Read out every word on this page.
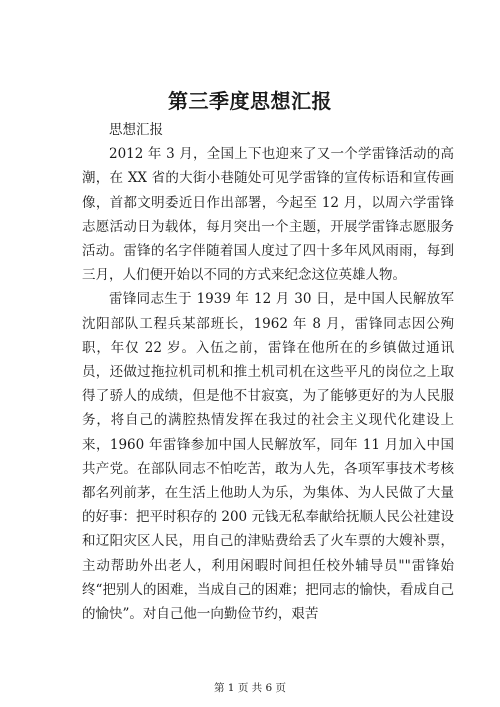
第三季度思想汇报

思想汇报

2012 年 3 月，全国上下也迎来了又一个学雷锋活动的高潮，在 XX 省的大街小巷随处可见学雷锋的宣传标语和宣传画像，首都文明委近日作出部署，今起至 12 月，以周六学雷锋志愿活动日为载体，每月突出一个主题，开展学雷锋志愿服务活动。雷锋的名字伴随着国人度过了四十多年风风雨雨，每到三月，人们便开始以不同的方式来纪念这位英雄人物。

雷锋同志生于 1939 年 12 月 30 日，是中国人民解放军沈阳部队工程兵某部班长，1962 年 8 月，雷锋同志因公殉职，年仅 22 岁。入伍之前，雷锋在他所在的乡镇做过通讯员，还做过拖拉机司机和推土机司机在这些平凡的岗位之上取得了骄人的成绩，但是他不甘寂寞，为了能够更好的为人民服务，将自己的满腔热情发挥在我过的社会主义现代化建设上来，1960 年雷锋参加中国人民解放军，同年 11 月加入中国共产党。在部队同志不怕吃苦，敢为人先，各项军事技术考核都名列前茅，在生活上他助人为乐，为集体、为人民做了大量的好事：把平时积存的 200 元钱无私奉献给抚顺人民公社建设和辽阳灾区人民，用自己的津贴费给丢了火车票的大嫂补票，主动帮助外出老人，利用闲暇时间担任校外辅导员""雷锋始终“把别人的困难，当成自己的困难；把同志的愉快，看成自己的愉快”。对自己他一向勤俭节约，艰苦

第 1 页 共 6 页
